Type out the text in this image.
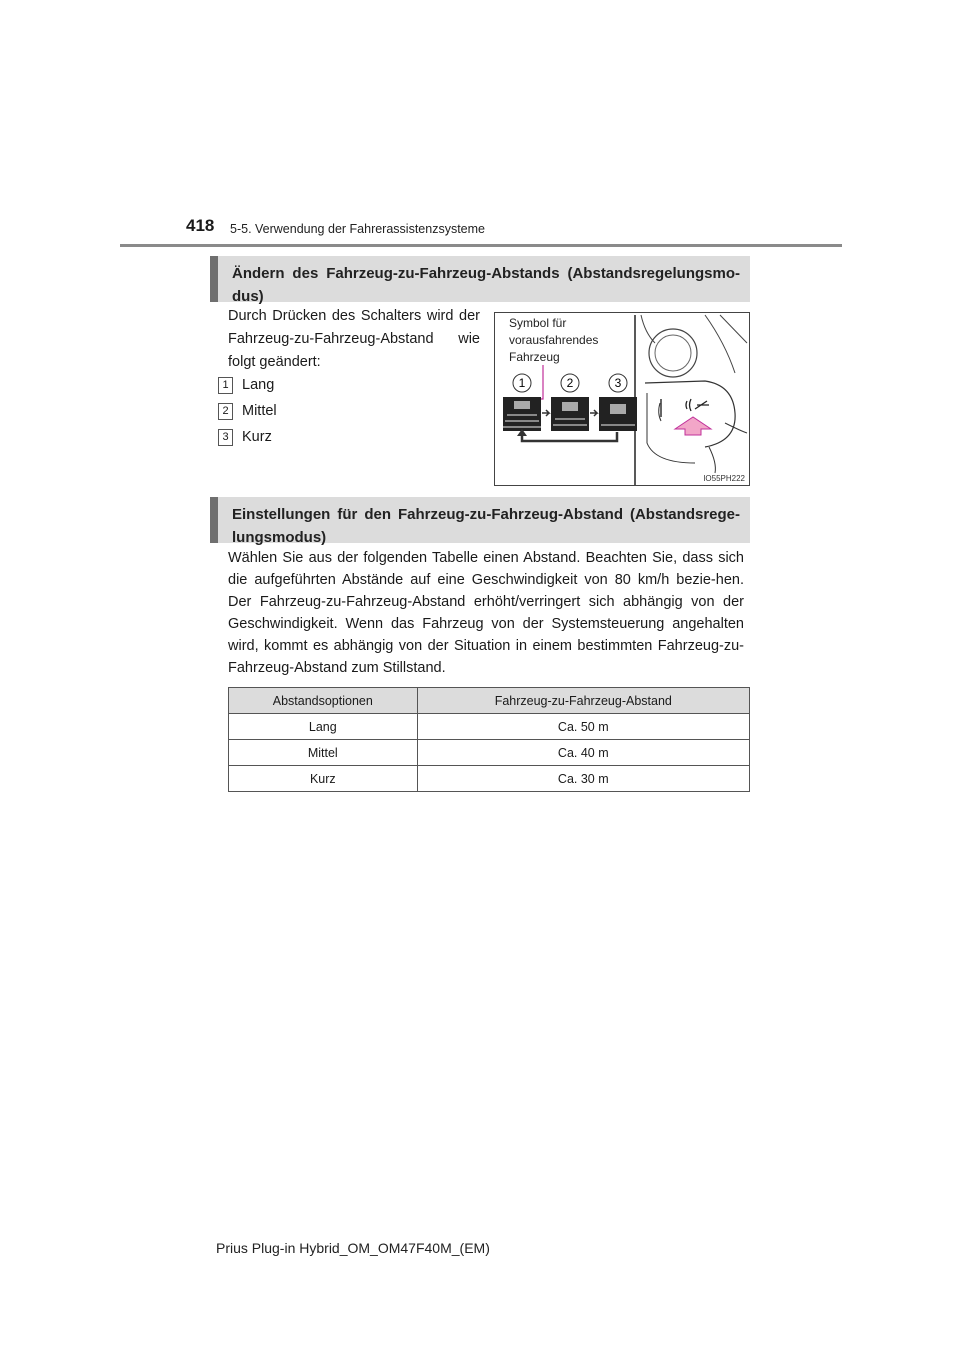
418 5-5. Verwendung der Fahrerassistenzsysteme
Ändern des Fahrzeug-zu-Fahrzeug-Abstands (Abstandsregelungsmo-dus)
Durch Drücken des Schalters wird der Fahrzeug-zu-Fahrzeug-Abstand wie folgt geändert:
1 Lang
2 Mittel
3 Kurz
1	2	3
Symbol für vorausfahrendes Fahrzeug
IO55PH222
Einstellungen für den Fahrzeug-zu-Fahrzeug-Abstand (Abstandsrege-lungsmodus)
Wählen Sie aus der folgenden Tabelle einen Abstand. Beachten Sie, dass sich die aufgeführten Abstände auf eine Geschwindigkeit von 80 km/h bezie-hen. Der Fahrzeug-zu-Fahrzeug-Abstand erhöht/verringert sich abhängig von der Geschwindigkeit. Wenn das Fahrzeug von der Systemsteuerung angehalten wird, kommt es abhängig von der Situation in einem bestimmten Fahrzeug-zu-Fahrzeug-Abstand zum Stillstand.
Abstandsoptionen	Fahrzeug-zu-Fahrzeug-Abstand
Lang	Ca. 50 m
Mittel	Ca. 40 m
Kurz	Ca. 30 m
Prius Plug-in Hybrid_OM_OM47F40M_(EM)
